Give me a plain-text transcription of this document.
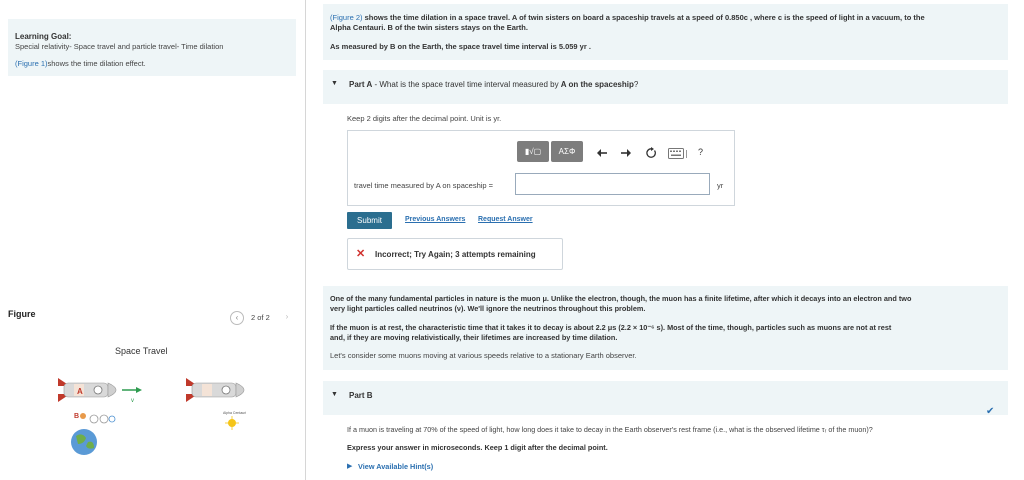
Learning Goal:
Special relativity- Space travel and particle travel- Time dilation
(Figure 1)shows the time dilation effect.
Figure	‹	2 of 2	›
Space Travel
A
v
B	Alpha Centauri
(Figure 2) shows the time dilation in a space travel. A of twin sisters on board a spaceship travels at a speed of 0.850c , where c is the speed of light in a vacuum, to the
Alpha Centauri. B of the twin sisters stays on the Earth.
As measured by B on the Earth, the space travel time interval is 5.059 yr .
▼ Part A - What is the space travel time interval measured by A on the spaceship?
Keep 2 digits after the decimal point. Unit is yr.
▮√▢	ΑΣΦ	?
travel time measured by A on spaceship =	yr
Submit	Previous Answers Request Answer
✕ Incorrect; Try Again; 3 attempts remaining
One of the many fundamental particles in nature is the muon μ. Unlike the electron, though, the muon has a finite lifetime, after which it decays into an electron and two
very light particles called neutrinos (ν). We'll ignore the neutrinos throughout this problem.
If the muon is at rest, the characteristic time that it takes it to decay is about 2.2 μs (2.2 × 10⁻⁶ s). Most of the time, though, particles such as muons are not at rest
and, if they are moving relativistically, their lifetimes are increased by time dilation.
Let's consider some muons moving at various speeds relative to a stationary Earth observer.
▼ Part B
✔
If a muon is traveling at 70% of the speed of light, how long does it take to decay in the Earth observer's rest frame (i.e., what is the observed lifetime τᵣ of the muon)?
Express your answer in microseconds. Keep 1 digit after the decimal point.
▶ View Available Hint(s)
